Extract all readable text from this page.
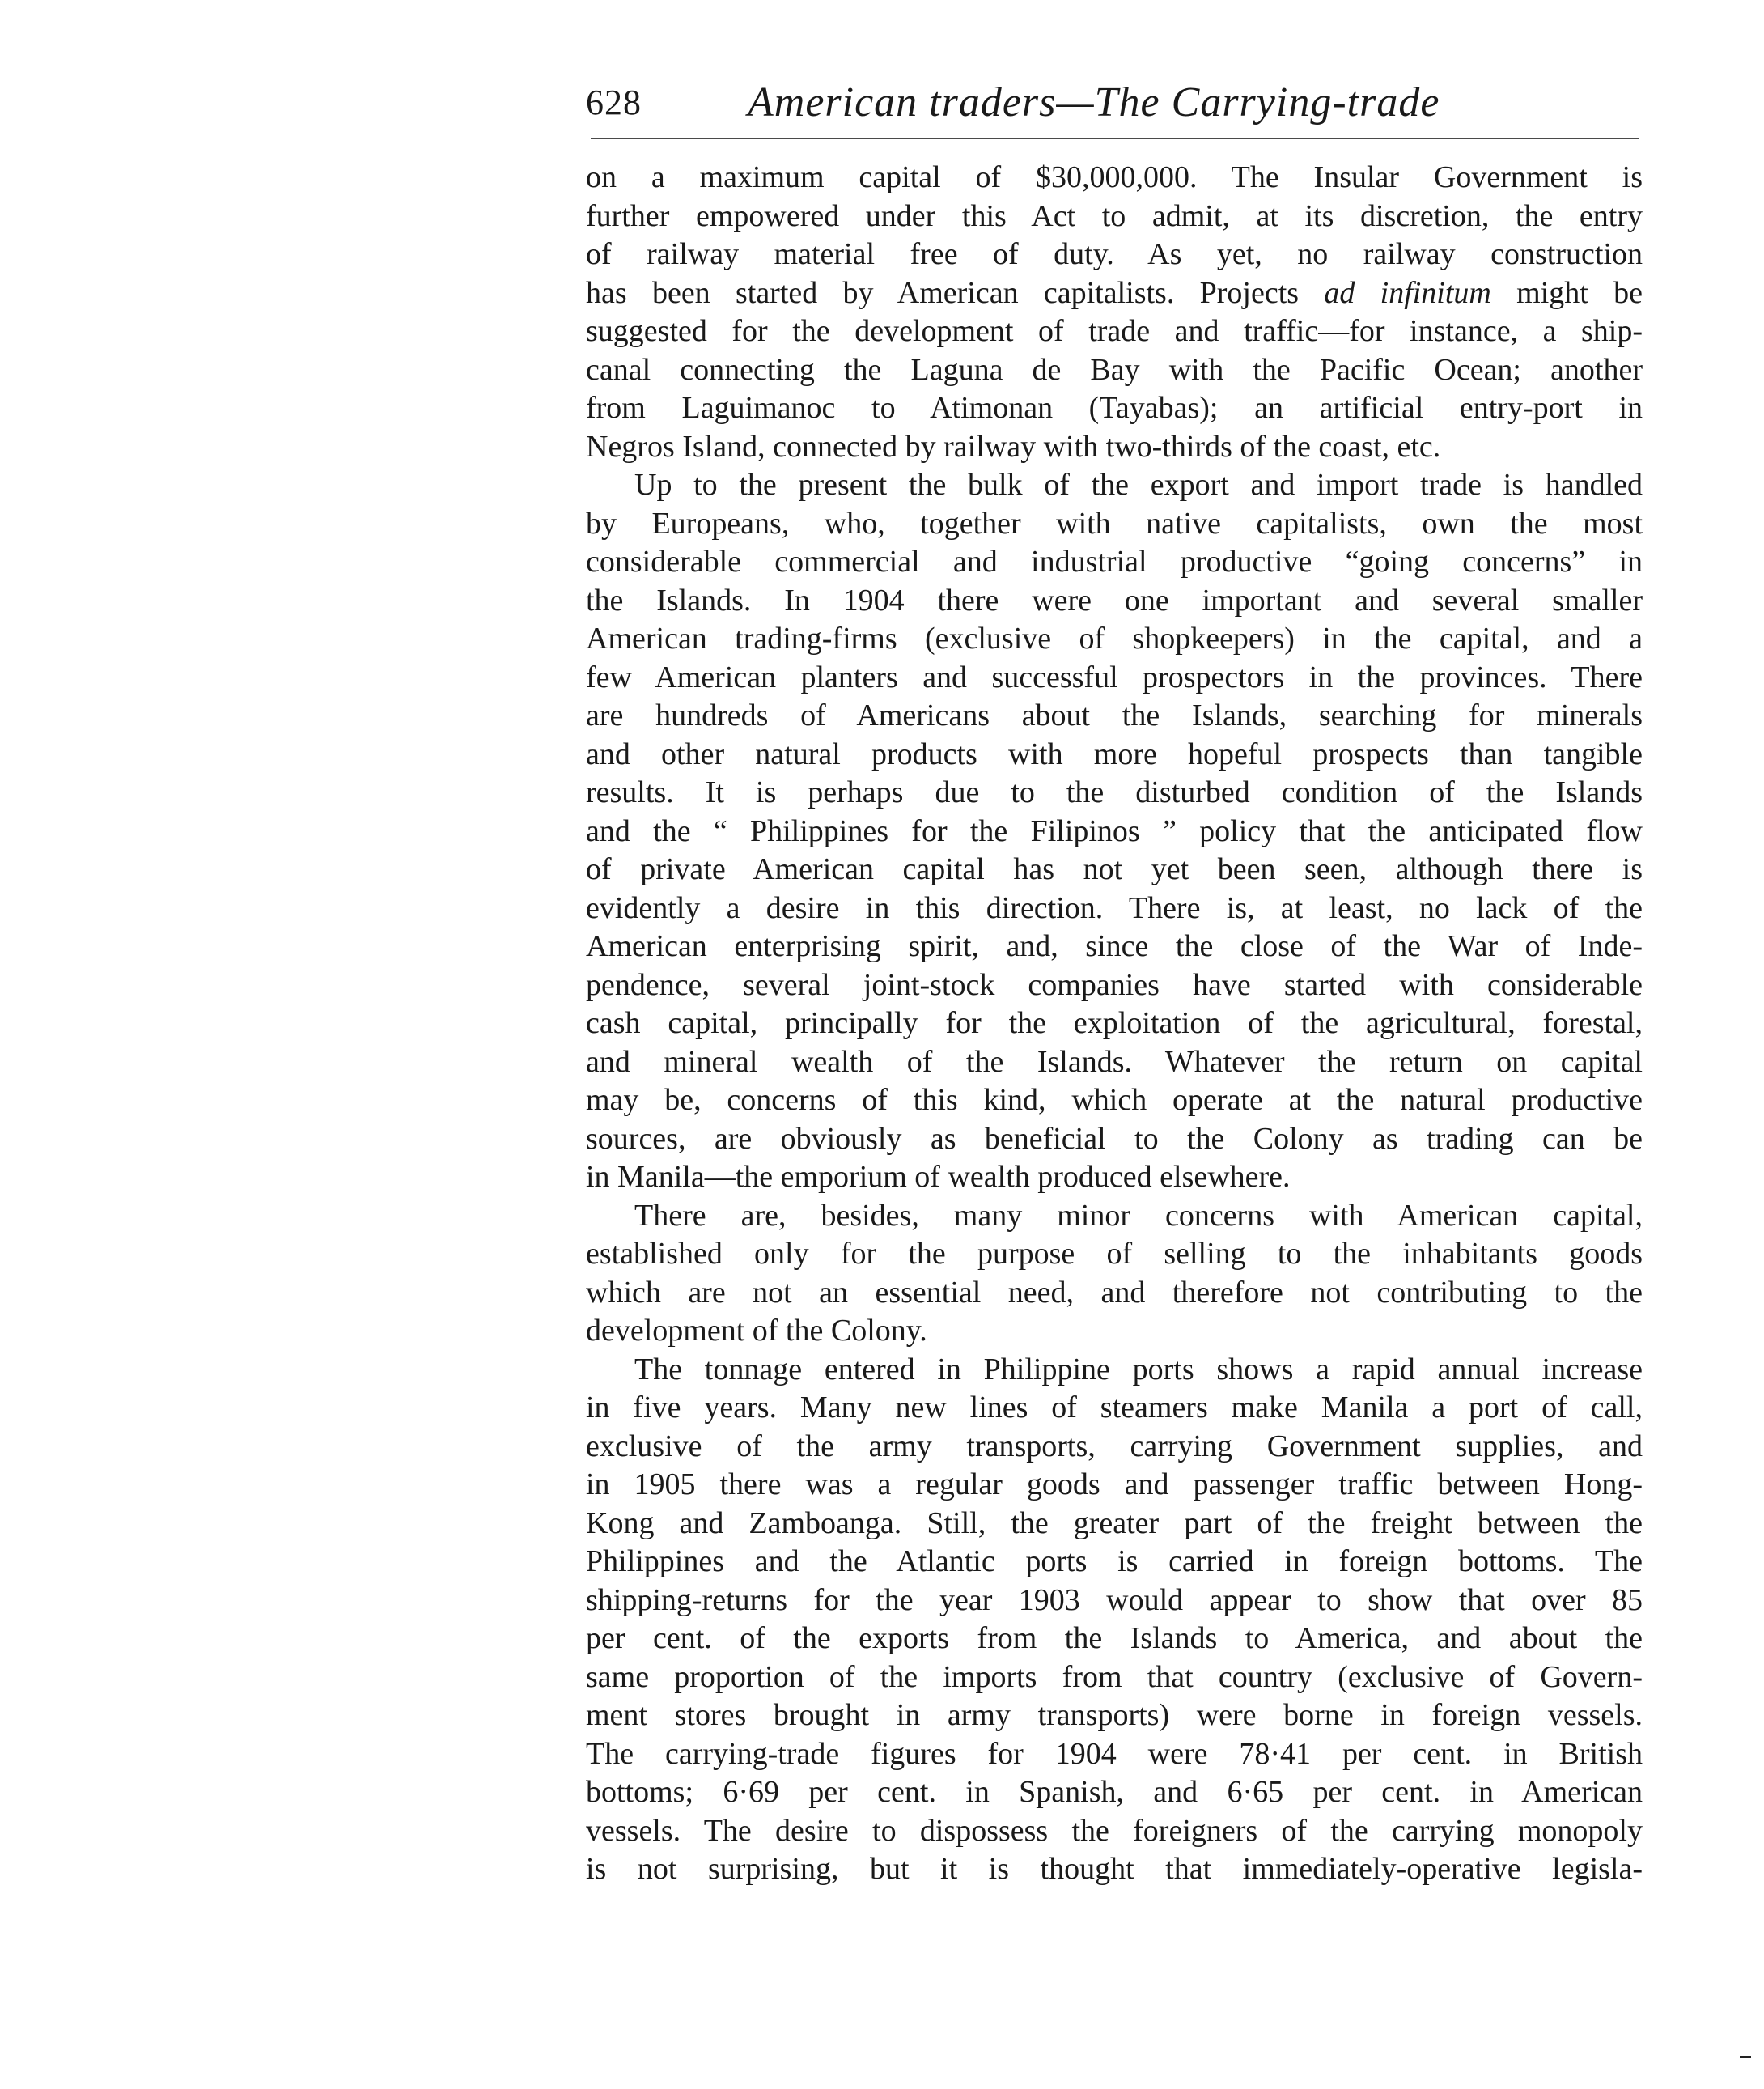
628	American traders—The Carrying-trade

on a maximum capital of $30,000,000. The Insular Government is
further empowered under this Act to admit, at its discretion, the entry
of railway material free of duty. As yet, no railway construction
has been started by American capitalists. Projects ad infinitum might be
suggested for the development of trade and traffic—for instance, a ship-
canal connecting the Laguna de Bay with the Pacific Ocean; another
from Laguimanoc to Atimonan (Tayabas); an artificial entry-port in
Negros Island, connected by railway with two-thirds of the coast, etc.

Up to the present the bulk of the export and import trade is handled
by Europeans, who, together with native capitalists, own the most
considerable commercial and industrial productive “going concerns” in
the Islands. In 1904 there were one important and several smaller
American trading-firms (exclusive of shopkeepers) in the capital, and a
few American planters and successful prospectors in the provinces. There
are hundreds of Americans about the Islands, searching for minerals
and other natural products with more hopeful prospects than tangible
results. It is perhaps due to the disturbed condition of the Islands
and the “ Philippines for the Filipinos ” policy that the anticipated flow
of private American capital has not yet been seen, although there is
evidently a desire in this direction. There is, at least, no lack of the
American enterprising spirit, and, since the close of the War of Inde-
pendence, several joint-stock companies have started with considerable
cash capital, principally for the exploitation of the agricultural, forestal,
and mineral wealth of the Islands. Whatever the return on capital
may be, concerns of this kind, which operate at the natural productive
sources, are obviously as beneficial to the Colony as trading can be
in Manila—the emporium of wealth produced elsewhere.

There are, besides, many minor concerns with American capital,
established only for the purpose of selling to the inhabitants goods
which are not an essential need, and therefore not contributing to the
development of the Colony.

The tonnage entered in Philippine ports shows a rapid annual increase
in five years. Many new lines of steamers make Manila a port of call,
exclusive of the army transports, carrying Government supplies, and
in 1905 there was a regular goods and passenger traffic between Hong-
Kong and Zamboanga. Still, the greater part of the freight between the
Philippines and the Atlantic ports is carried in foreign bottoms. The
shipping-returns for the year 1903 would appear to show that over 85
per cent. of the exports from the Islands to America, and about the
same proportion of the imports from that country (exclusive of Govern-
ment stores brought in army transports) were borne in foreign vessels.
The carrying-trade figures for 1904 were 78·41 per cent. in British
bottoms; 6·69 per cent. in Spanish, and 6·65 per cent. in American
vessels. The desire to dispossess the foreigners of the carrying monopoly
is not surprising, but it is thought that immediately-operative legisla-
